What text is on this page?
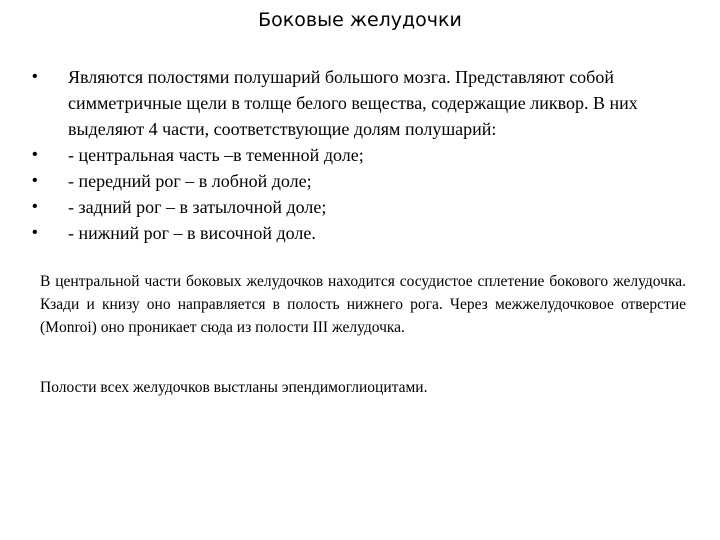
Боковые желудочки
• Являются полостями полушарий большого мозга. Представляют собой симметричные щели в толще белого вещества, содержащие ликвор. В них выделяют 4 части, соответствующие долям полушарий:
• - центральная часть –в теменной доле;
• - передний рог – в лобной доле;
• - задний рог – в затылочной доле;
• - нижний рог – в височной доле.

В центральной части боковых желудочков находится сосудистое сплетение бокового желудочка. Кзади и книзу оно направляется в полость нижнего рога. Через межжелудочковое отверстие (Monroi) оно проникает сюда из полости III желудочка.

Полости всех желудочков выстланы эпендимоглиоцитами.
